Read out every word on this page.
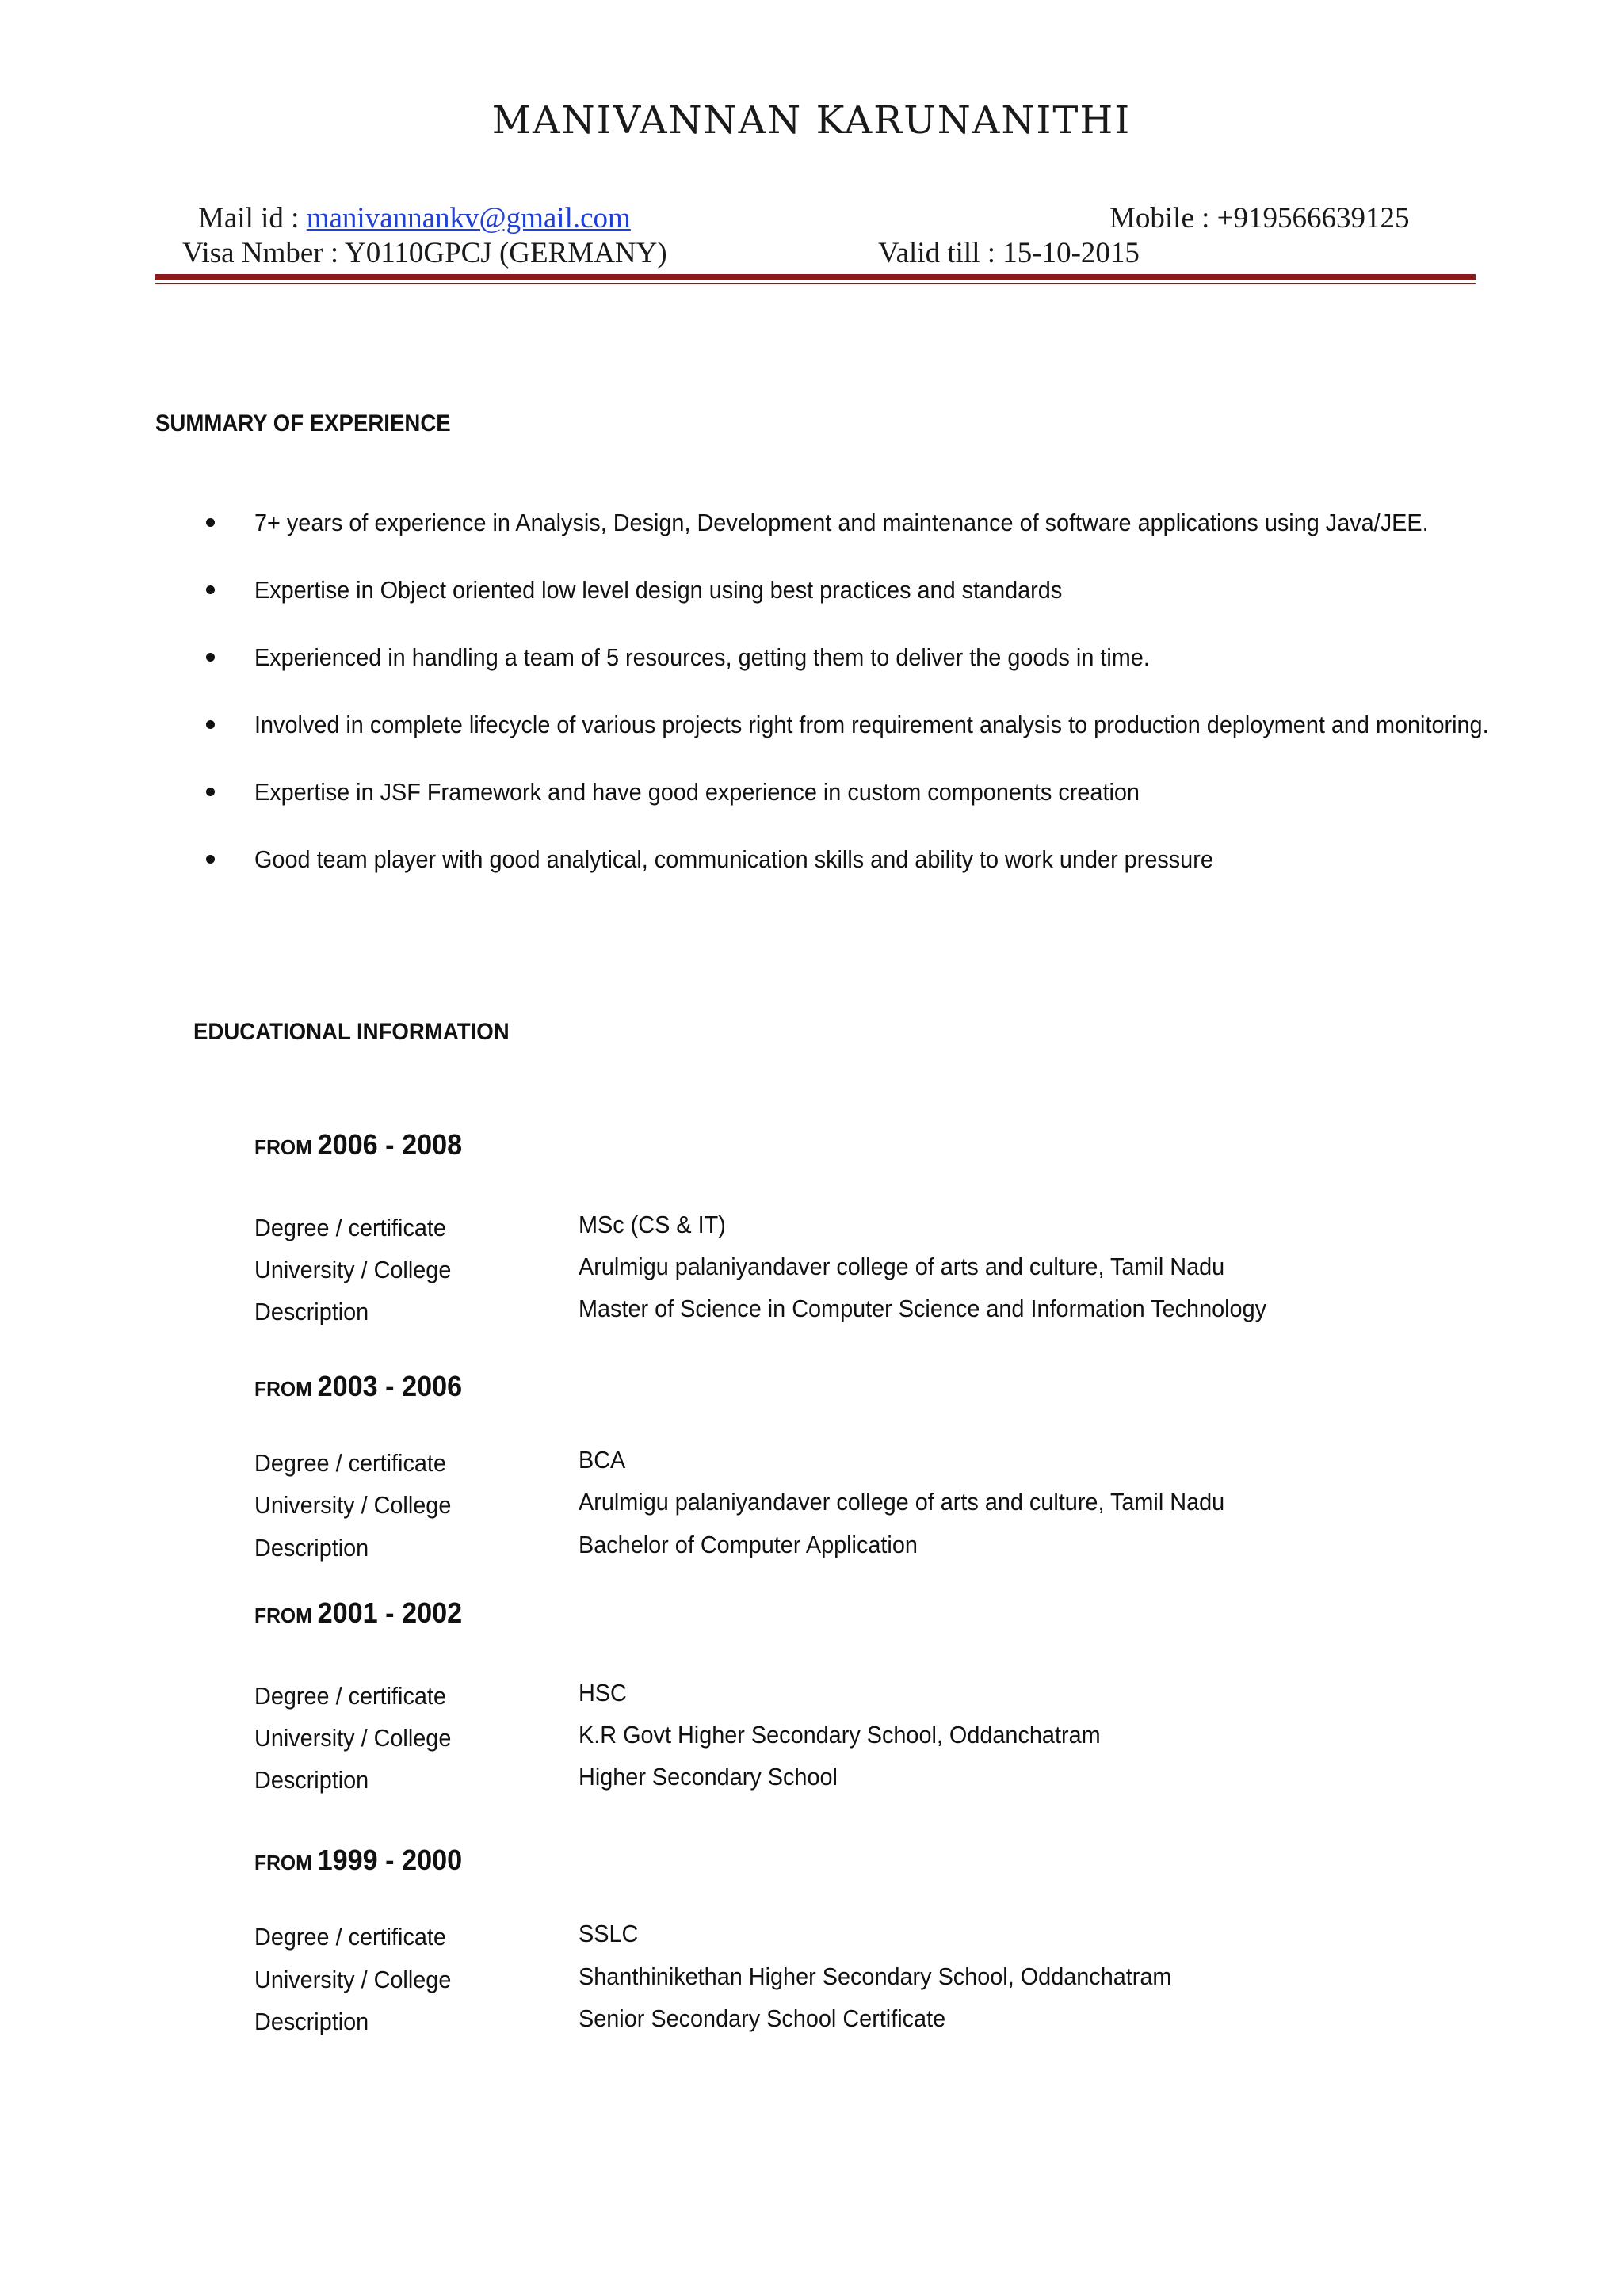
MANIVANNAN KARUNANITHI
Mail id : manivannankv@gmail.com	Mobile : +919566639125
Visa Nmber : Y0110GPCJ (GERMANY)	Valid till : 15-10-2015
SUMMARY OF EXPERIENCE
7+ years of experience in Analysis, Design, Development and maintenance of software applications using Java/JEE.
Expertise in Object oriented low level design using best practices and standards
Experienced in handling a team of 5 resources, getting them to deliver the goods in time.
Involved in complete lifecycle of various projects right from requirement analysis to production deployment and monitoring.
Expertise in JSF Framework and have good experience in custom components creation
Good team player with good analytical, communication skills and ability to work under pressure
EDUCATIONAL INFORMATION
FROM 2006 - 2008
Degree / certificate	MSc (CS & IT)
University / College	Arulmigu palaniyandaver college of arts and culture, Tamil Nadu
Description	Master of Science in Computer Science and Information Technology
FROM 2003 - 2006
Degree / certificate	BCA
University / College	Arulmigu palaniyandaver college of arts and culture, Tamil Nadu
Description	Bachelor of Computer Application
FROM 2001 - 2002
Degree / certificate	HSC
University / College	K.R Govt Higher Secondary School, Oddanchatram
Description	Higher Secondary School
FROM 1999 - 2000
Degree / certificate	SSLC
University / College	Shanthinikethan Higher Secondary School, Oddanchatram
Description	Senior Secondary School Certificate
